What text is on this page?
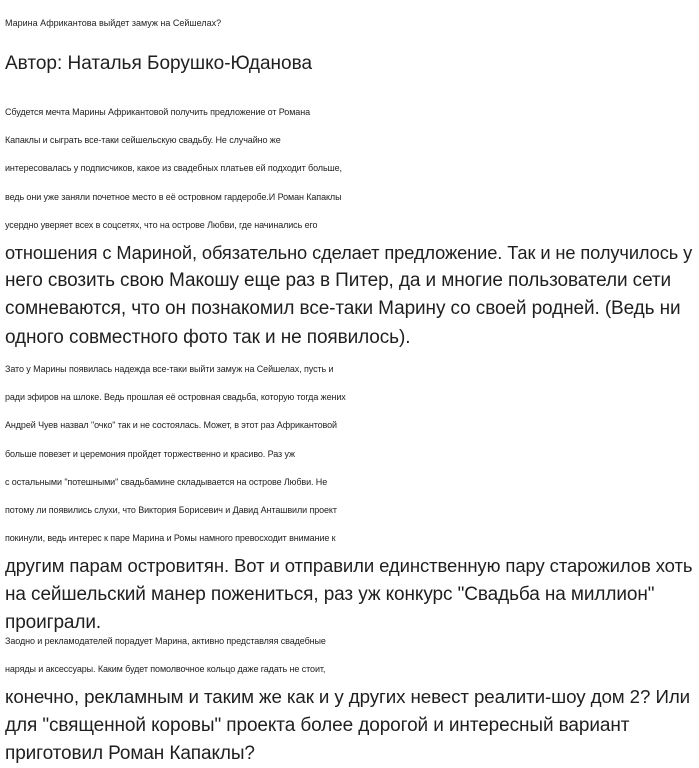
Марина Африкантова выйдет замуж на Сейшелах?

Автор: Наталья Борушко-Юданова

Сбудется мечта Марины Африкантовой получить предложение от Романа
Капаклы и сыграть все-таки сейшельскую свадьбу. Не случайно же
интересовалась у подписчиков, какое из свадебных платьев ей подходит больше,
ведь они уже заняли почетное место в её островном гардеробе.И Роман Капаклы
усердно уверяет всех в соцсетях, что на острове Любви, где начинались его
отношения с Мариной, обязательно сделает предложение. Так и не получилось у
него свозить свою Макошу еще раз в Питер, да и многие пользователи сети
сомневаются, что он познакомил все-таки Марину со своей родней. (Ведь ни
одного совместного фото так и не появилось).

Зато у Марины появилась надежда все-таки выйти замуж на Сейшелах, пусть и
ради эфиров на шлоке. Ведь прошлая её островная свадьба, которую тогда жених
Андрей Чуев назвал "очко" так и не состоялась. Может, в этот раз Африкантовой
больше повезет и церемония пройдет торжественно и красиво. Раз уж
с остальными "потешными" свадьбамине складывается на острове Любви. Не
потому ли появились слухи, что Виктория Борисевич и Давид Анташвили проект
покинули, ведь интерес к паре Марина и Ромы намного превосходит внимание к
другим парам островитян. Вот и отправили единственную пару старожилов хоть
на сейшельский манер пожениться, раз уж конкурс "Свадьба на миллион"
проиграли.

Заодно и рекламодателей порадует Марина, активно представляя свадебные
наряды и аксессуары. Каким будет помолвочное кольцо даже гадать не стоит,
конечно, рекламным и таким же как и у других невест реалити-шоу дом 2? Или
для "священной коровы" проекта более дорогой и интересный вариант
приготовил Роман Капаклы?
